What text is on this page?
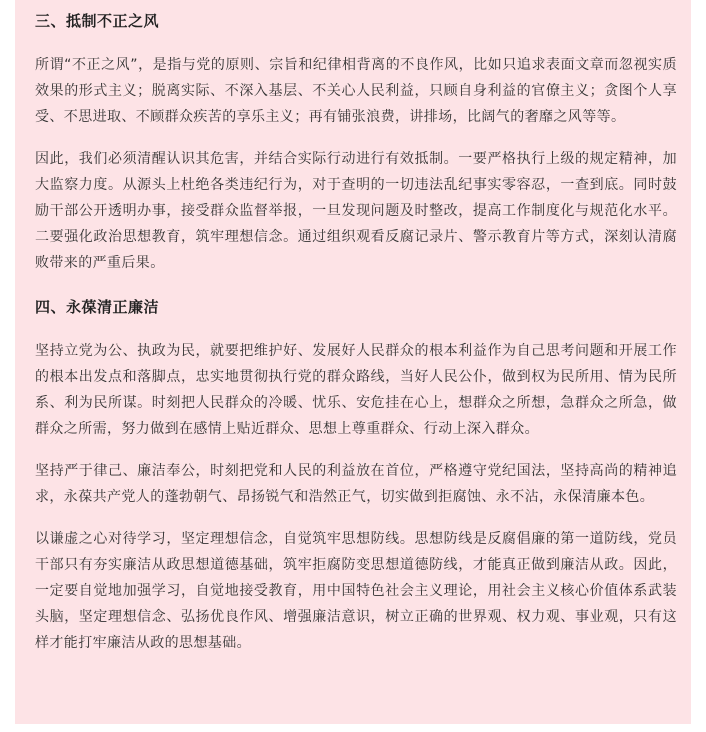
三、抵制不正之风

所谓“不正之风”，是指与党的原则、宗旨和纪律相背离的不良作风，比如只追求表面文章而忽视实质效果的形式主义；脱离实际、不深入基层、不关心人民利益，只顾自身利益的官僚主义；贪图个人享受、不思进取、不顾群众疾苦的享乐主义；再有铺张浪费，讲排场，比阔气的奢靡之风等等。

因此，我们必须清醒认识其危害，并结合实际行动进行有效抵制。一要严格执行上级的规定精神，加大监察力度。从源头上杜绝各类违纪行为，对于查明的一切违法乱纪事实零容忍，一查到底。同时鼓励干部公开透明办事，接受群众监督举报，一旦发现问题及时整改，提高工作制度化与规范化水平。二要强化政治思想教育，筑牢理想信念。通过组织观看反腐记录片、警示教育片等方式，深刻认清腐败带来的严重后果。

四、永葆清正廉洁

坚持立党为公、执政为民，就要把维护好、发展好人民群众的根本利益作为自己思考问题和开展工作的根本出发点和落脚点，忠实地贯彻执行党的群众路线，当好人民公仆，做到权为民所用、情为民所系、利为民所谋。时刻把人民群众的冷暖、忧乐、安危挂在心上，想群众之所想，急群众之所急，做群众之所需，努力做到在感情上贴近群众、思想上尊重群众、行动上深入群众。

坚持严于律己、廉洁奉公，时刻把党和人民的利益放在首位，严格遵守党纪国法，坚持高尚的精神追求，永葆共产党人的蓬勃朝气、昂扬锐气和浩然正气，切实做到拒腐蚀、永不沾，永保清廉本色。

以谦虚之心对待学习，坚定理想信念，自觉筑牢思想防线。思想防线是反腐倡廉的第一道防线，党员干部只有夯实廉洁从政思想道德基础，筑牢拒腐防变思想道德防线，才能真正做到廉洁从政。因此，一定要自觉地加强学习，自觉地接受教育，用中国特色社会主义理论，用社会主义核心价值体系武装头脑，坚定理想信念、弘扬优良作风、增强廉洁意识，树立正确的世界观、权力观、事业观，只有这样才能打牢廉洁从政的思想基础。
